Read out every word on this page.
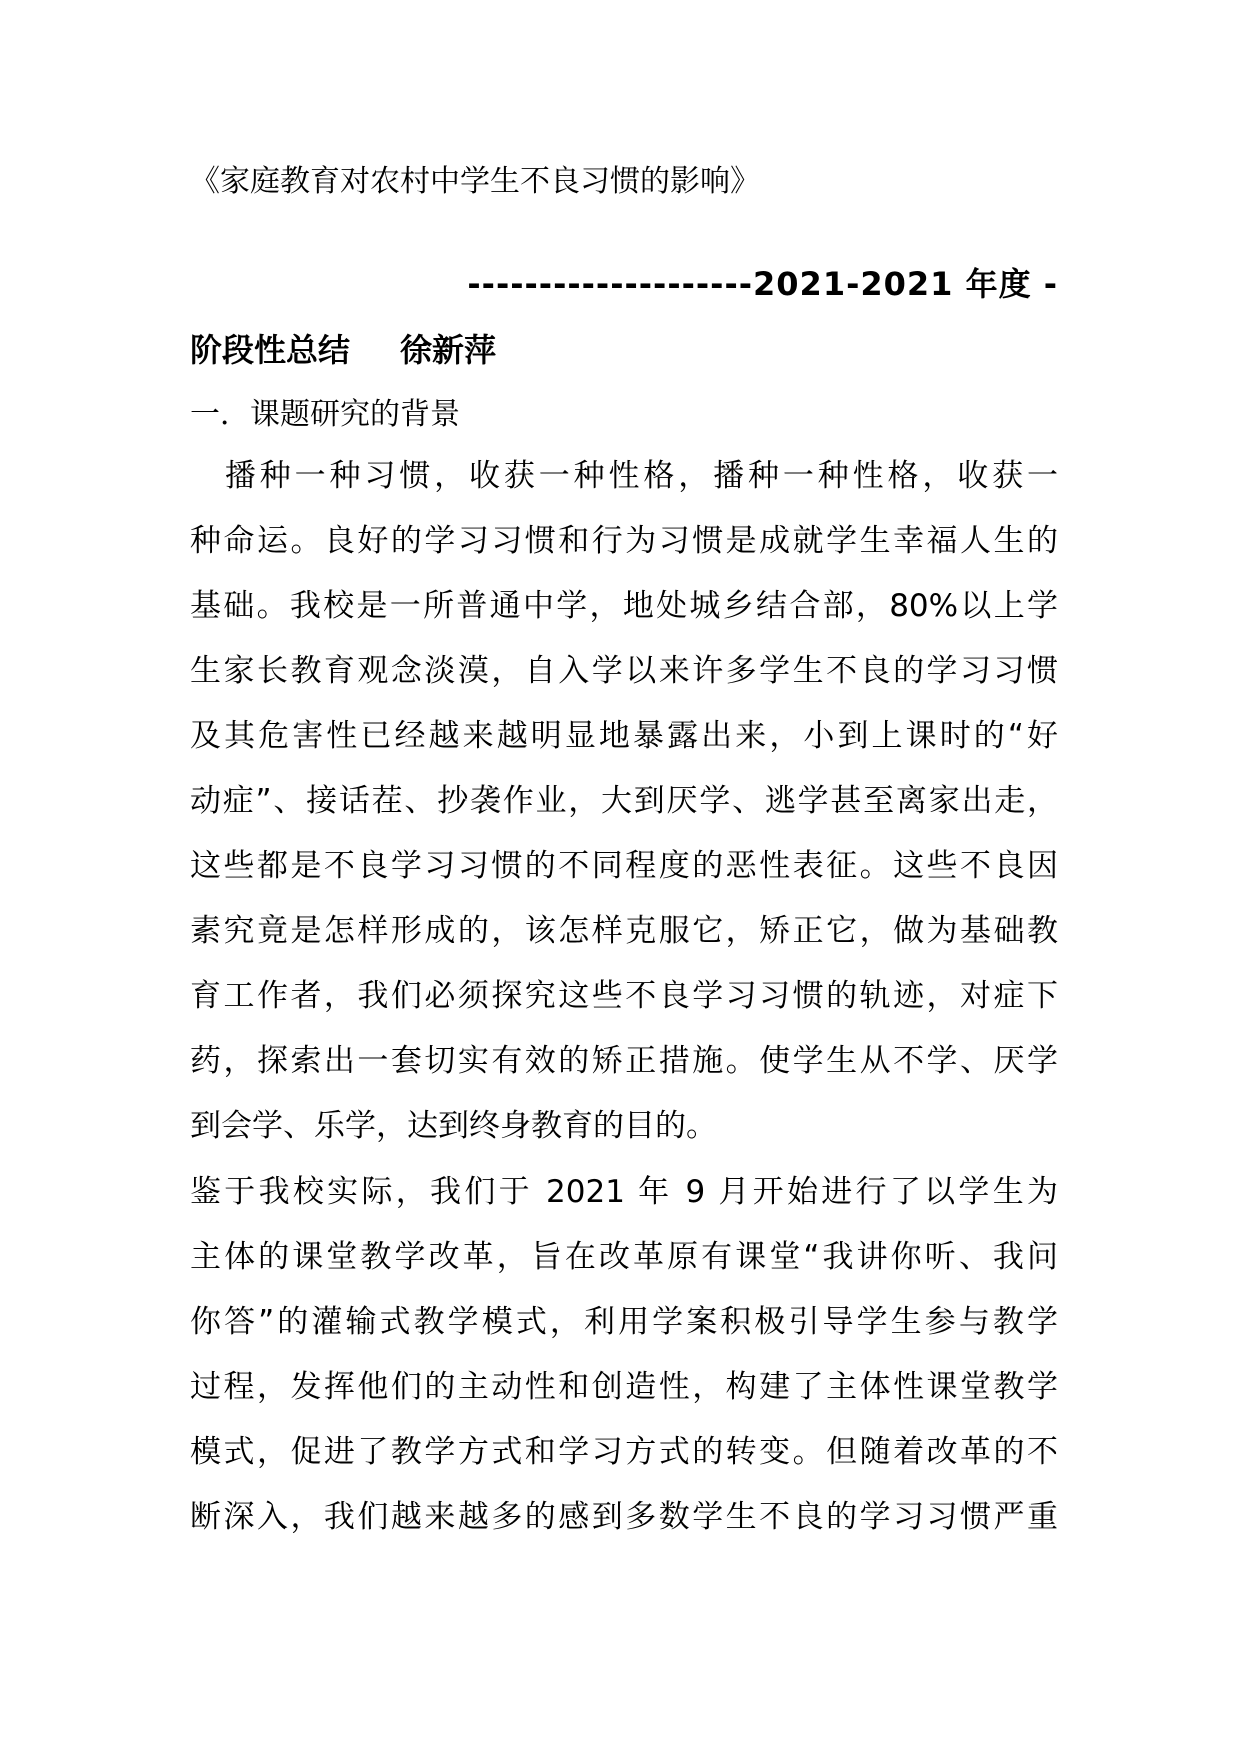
《家庭教育对农村中学生不良习惯的影响》
--------------------2021-2021 年度 -
阶段性总结 徐新萍
一．课题研究的背景
　播种一种习惯，收获一种性格，播种一种性格，收获一
种命运。良好的学习习惯和行为习惯是成就学生幸福人生的
基础。我校是一所普通中学，地处城乡结合部，80%以上学
生家长教育观念淡漠，自入学以来许多学生不良的学习习惯
及其危害性已经越来越明显地暴露出来，小到上课时的“好
动症”、接话茬、抄袭作业，大到厌学、逃学甚至离家出走，
这些都是不良学习习惯的不同程度的恶性表征。这些不良因
素究竟是怎样形成的，该怎样克服它，矫正它，做为基础教
育工作者，我们必须探究这些不良学习习惯的轨迹，对症下
药，探索出一套切实有效的矫正措施。使学生从不学、厌学
到会学、乐学，达到终身教育的目的。
鉴于我校实际，我们于 2021 年 9 月开始进行了以学生为
主体的课堂教学改革，旨在改革原有课堂“我讲你听、我问
你答”的灌输式教学模式，利用学案积极引导学生参与教学
过程，发挥他们的主动性和创造性，构建了主体性课堂教学
模式，促进了教学方式和学习方式的转变。但随着改革的不
断深入，我们越来越多的感到多数学生不良的学习习惯严重
